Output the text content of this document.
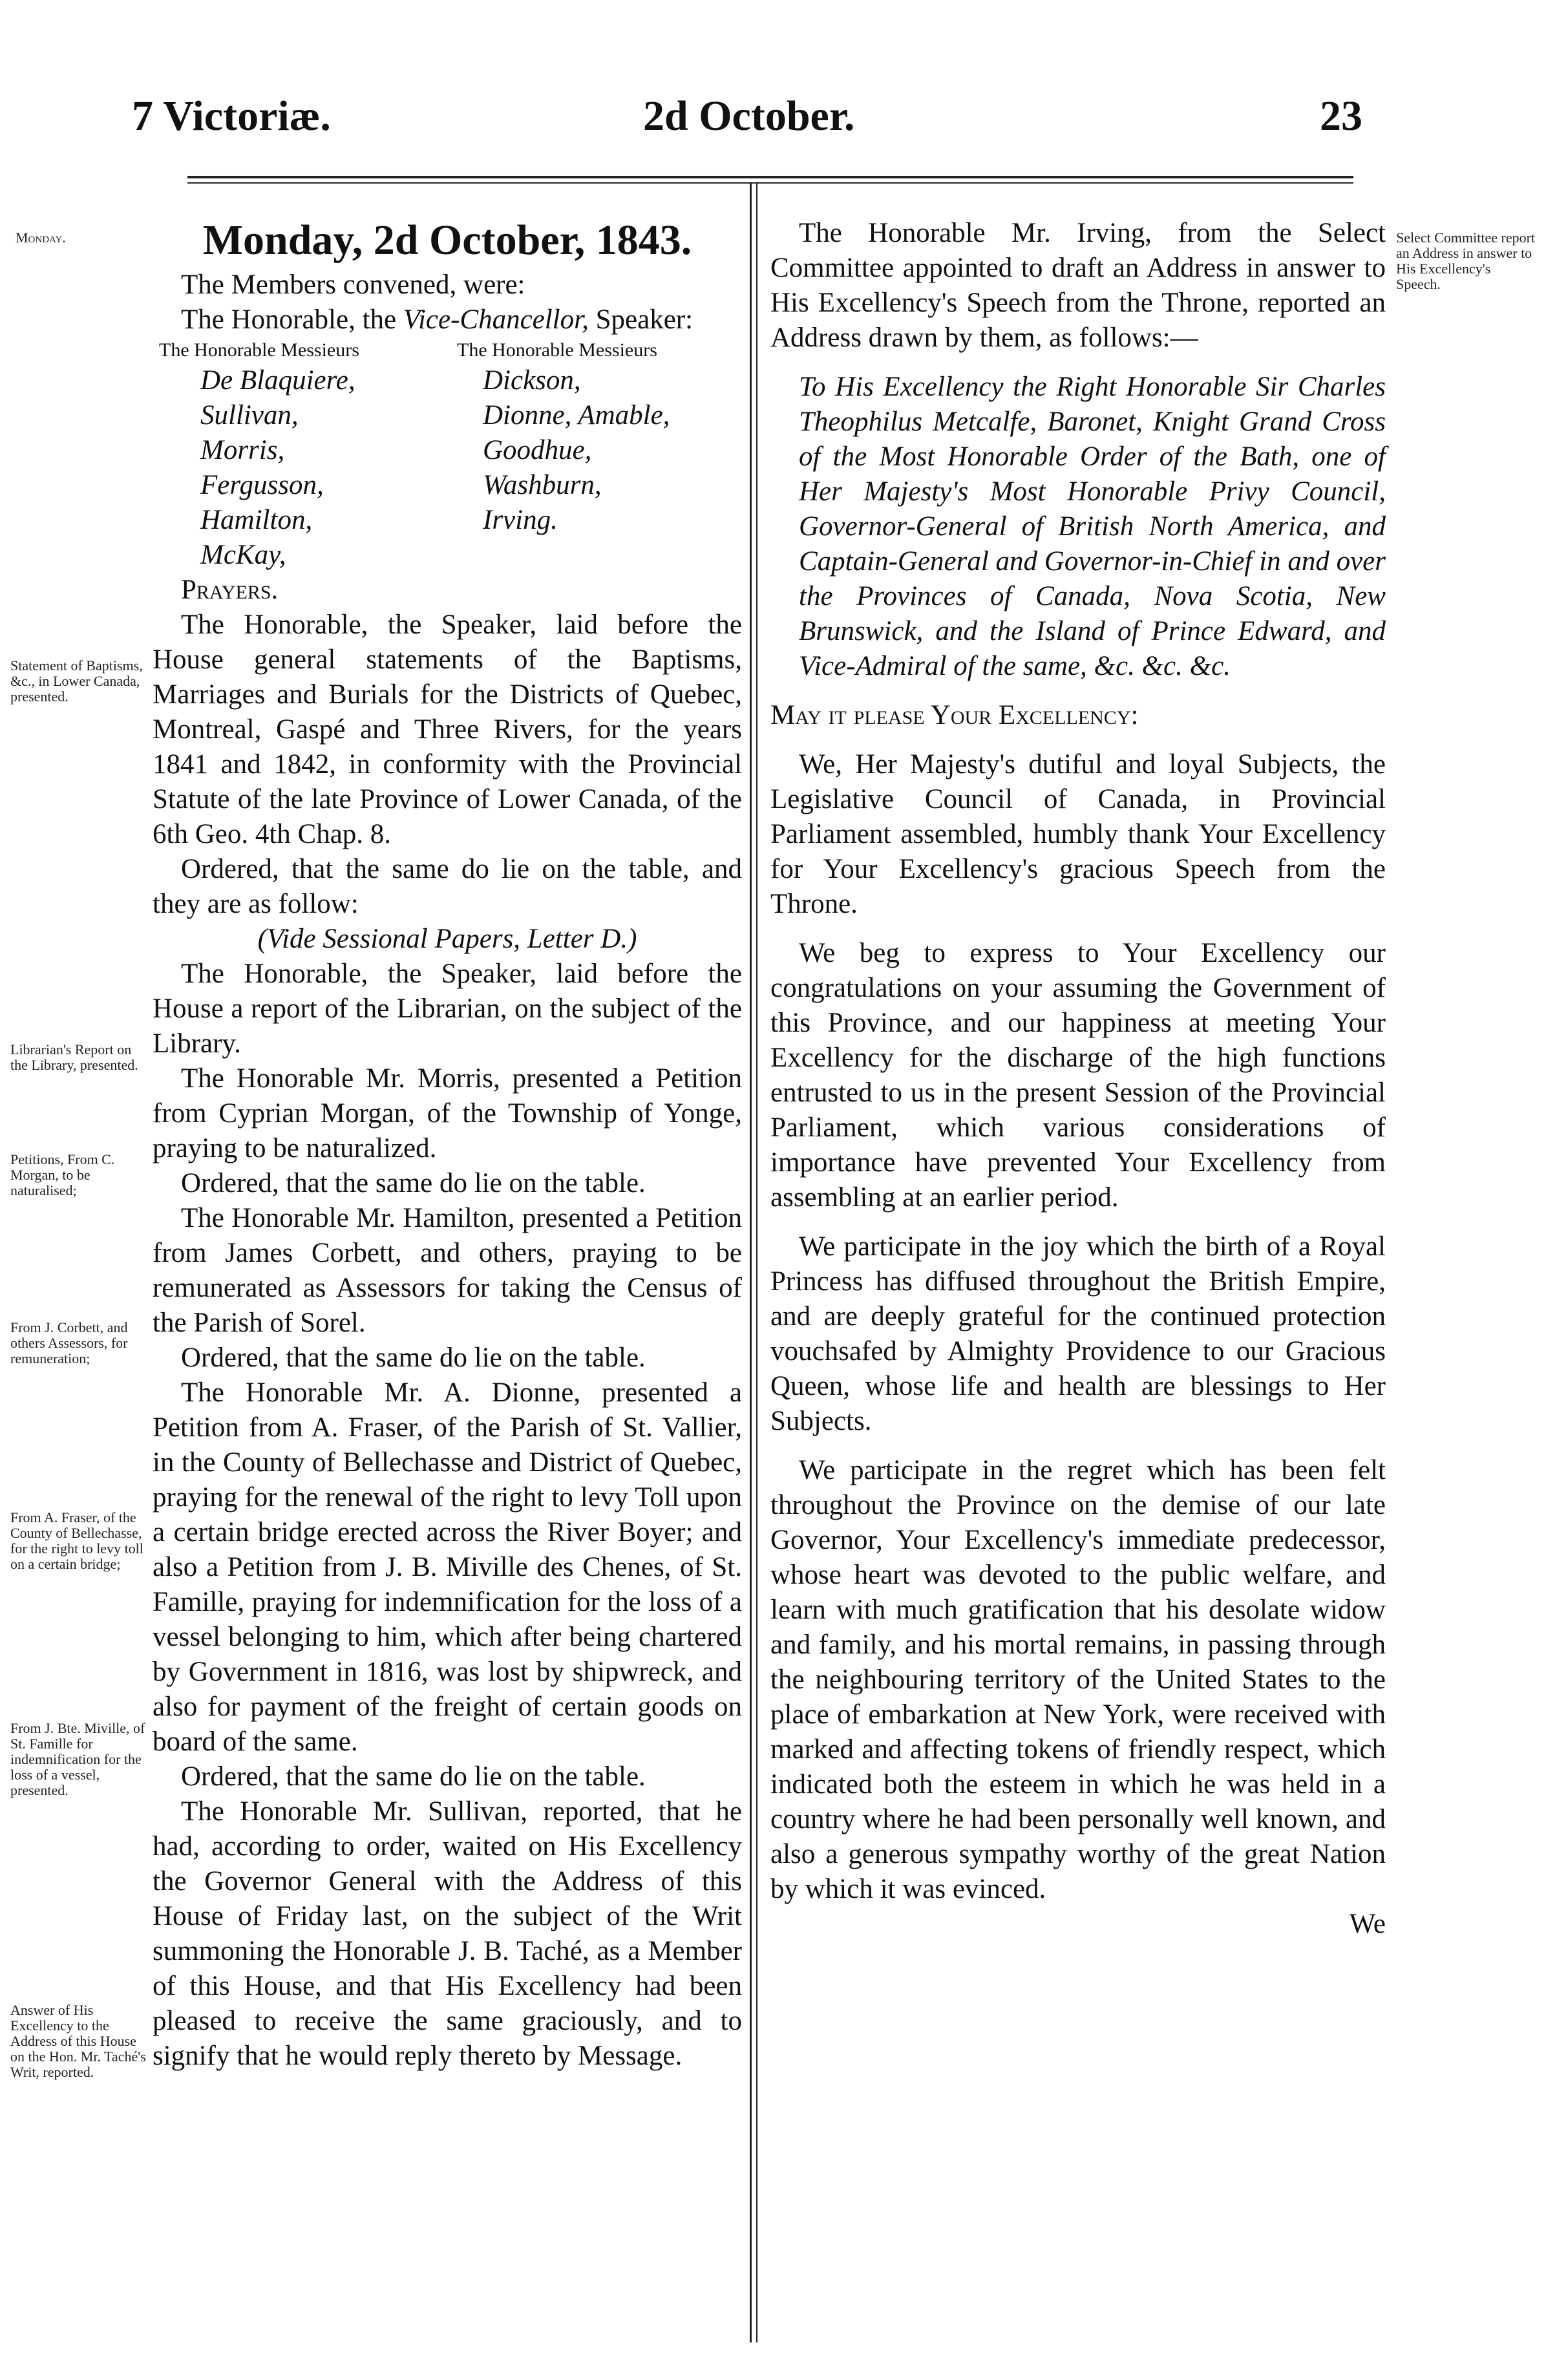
7 Victoriæ.	2d October.	23
Monday.
Statement of Baptisms, &c., in Lower Canada, presented.
Librarian's Report on the Library, presented.
Petitions, From C. Morgan, to be naturalised;
From J. Corbett, and others Assessors, for remuneration;
From A. Fraser, of the County of Bellechasse, for the right to levy toll on a certain bridge;
From J. Bte. Miville, of St. Famille for indemnification for the loss of a vessel, presented.
Answer of His Excellency to the Address of this House on the Hon. Mr. Taché's Writ, reported.
Select Committee report an Address in answer to His Excellency's Speech.

Monday, 2d October, 1843.

The Members convened, were:

The Honorable, the Vice-Chancellor, Speaker:

The Honorable Messieurs
De Blaquiere,
Sullivan,
Morris,
Fergusson,
Hamilton,
McKay,
The Honorable Messieurs
Dickson,
Dionne, Amable,
Goodhue,
Washburn,
Irving.

Prayers.

The Honorable, the Speaker, laid before the House general statements of the Baptisms, Marriages and Burials for the Districts of Quebec, Montreal, Gaspé and Three Rivers, for the years 1841 and 1842, in conformity with the Provincial Statute of the late Province of Lower Canada, of the 6th Geo. 4th Chap. 8.

Ordered, that the same do lie on the table, and they are as follow:

(Vide Sessional Papers, Letter D.)

The Honorable, the Speaker, laid before the House a report of the Librarian, on the subject of the Library.

The Honorable Mr. Morris, presented a Petition from Cyprian Morgan, of the Township of Yonge, praying to be naturalized.

Ordered, that the same do lie on the table.

The Honorable Mr. Hamilton, presented a Petition from James Corbett, and others, praying to be remunerated as Assessors for taking the Census of the Parish of Sorel.

Ordered, that the same do lie on the table.

The Honorable Mr. A. Dionne, presented a Petition from A. Fraser, of the Parish of St. Vallier, in the County of Bellechasse and District of Quebec, praying for the renewal of the right to levy Toll upon a certain bridge erected across the River Boyer; and also a Petition from J. B. Miville des Chenes, of St. Famille, praying for indemnification for the loss of a vessel belonging to him, which after being chartered by Government in 1816, was lost by shipwreck, and also for payment of the freight of certain goods on board of the same.

Ordered, that the same do lie on the table.

The Honorable Mr. Sullivan, reported, that he had, according to order, waited on His Excellency the Governor General with the Address of this House of Friday last, on the subject of the Writ summoning the Honorable J. B. Taché, as a Member of this House, and that His Excellency had been pleased to receive the same graciously, and to signify that he would reply thereto by Message.

The Honorable Mr. Irving, from the Select Committee appointed to draft an Address in answer to His Excellency's Speech from the Throne, reported an Address drawn by them, as follows:—

To His Excellency the Right Honorable Sir Charles Theophilus Metcalfe, Baronet, Knight Grand Cross of the Most Honorable Order of the Bath, one of Her Majesty's Most Honorable Privy Council, Governor-General of British North America, and Captain-General and Governor-in-Chief in and over the Provinces of Canada, Nova Scotia, New Brunswick, and the Island of Prince Edward, and Vice-Admiral of the same, &c. &c. &c.

May it please Your Excellency:

We, Her Majesty's dutiful and loyal Subjects, the Legislative Council of Canada, in Provincial Parliament assembled, humbly thank Your Excellency for Your Excellency's gracious Speech from the Throne.

We beg to express to Your Excellency our congratulations on your assuming the Government of this Province, and our happiness at meeting Your Excellency for the discharge of the high functions entrusted to us in the present Session of the Provincial Parliament, which various considerations of importance have prevented Your Excellency from assembling at an earlier period.

We participate in the joy which the birth of a Royal Princess has diffused throughout the British Empire, and are deeply grateful for the continued protection vouchsafed by Almighty Providence to our Gracious Queen, whose life and health are blessings to Her Subjects.

We participate in the regret which has been felt throughout the Province on the demise of our late Governor, Your Excellency's immediate predecessor, whose heart was devoted to the public welfare, and learn with much gratification that his desolate widow and family, and his mortal remains, in passing through the neighbouring territory of the United States to the place of embarkation at New York, were received with marked and affecting tokens of friendly respect, which indicated both the esteem in which he was held in a country where he had been personally well known, and also a generous sympathy worthy of the great Nation by which it was evinced.

We
